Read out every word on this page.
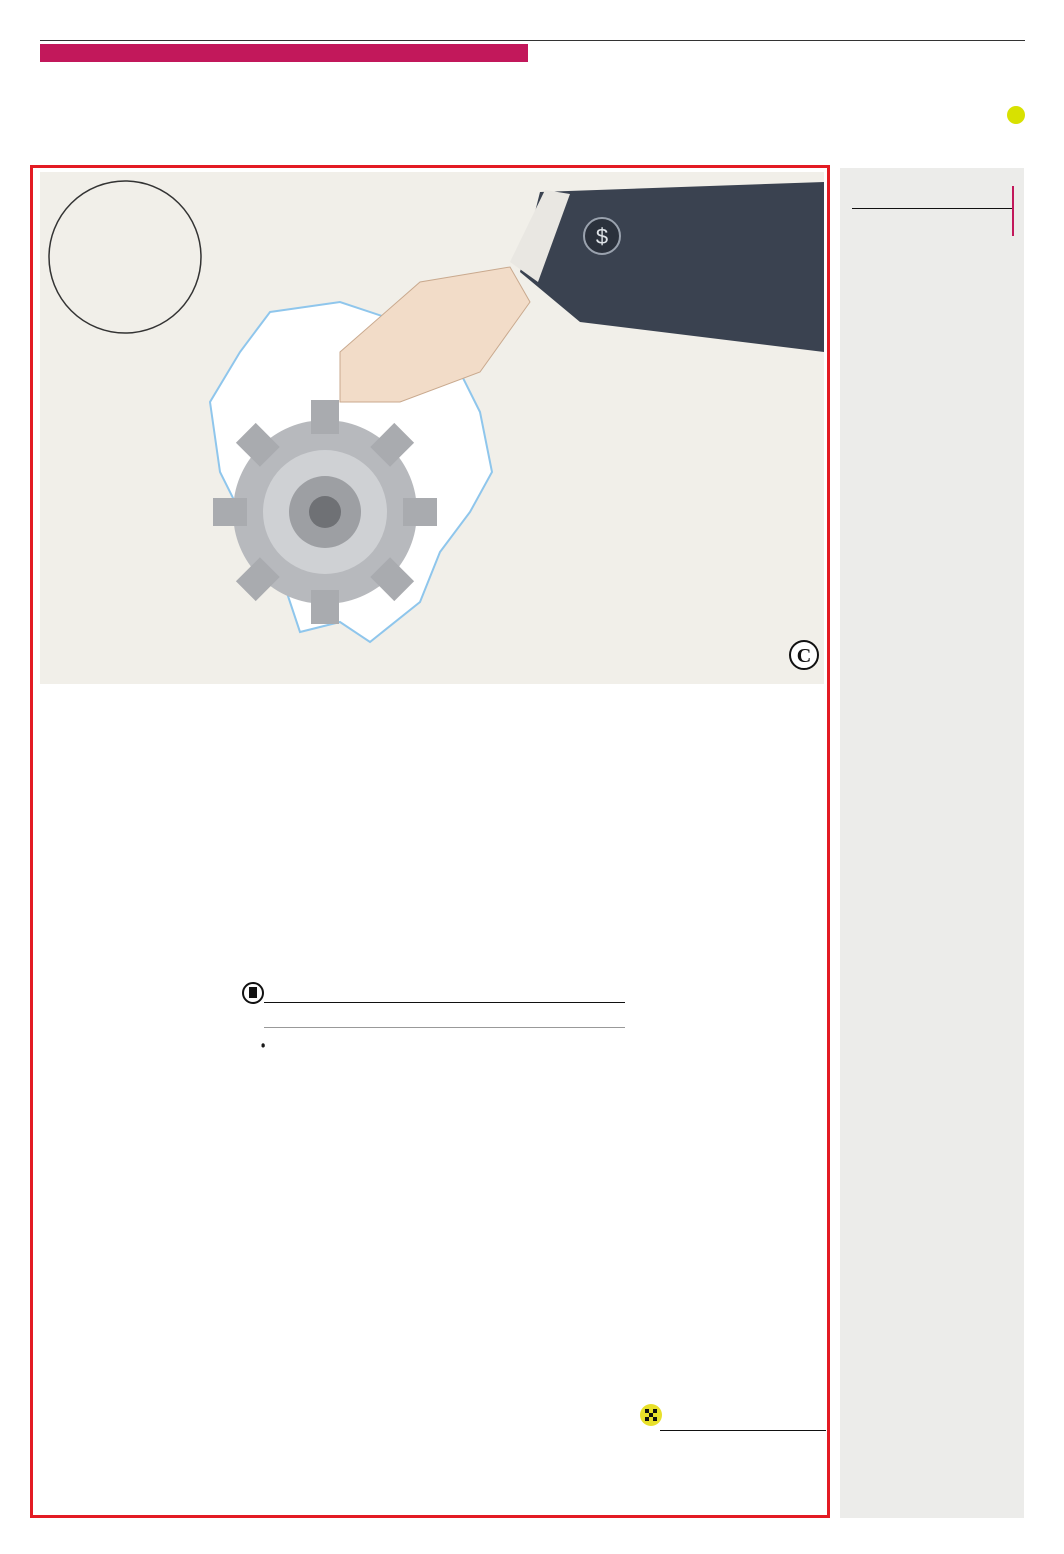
$
C
